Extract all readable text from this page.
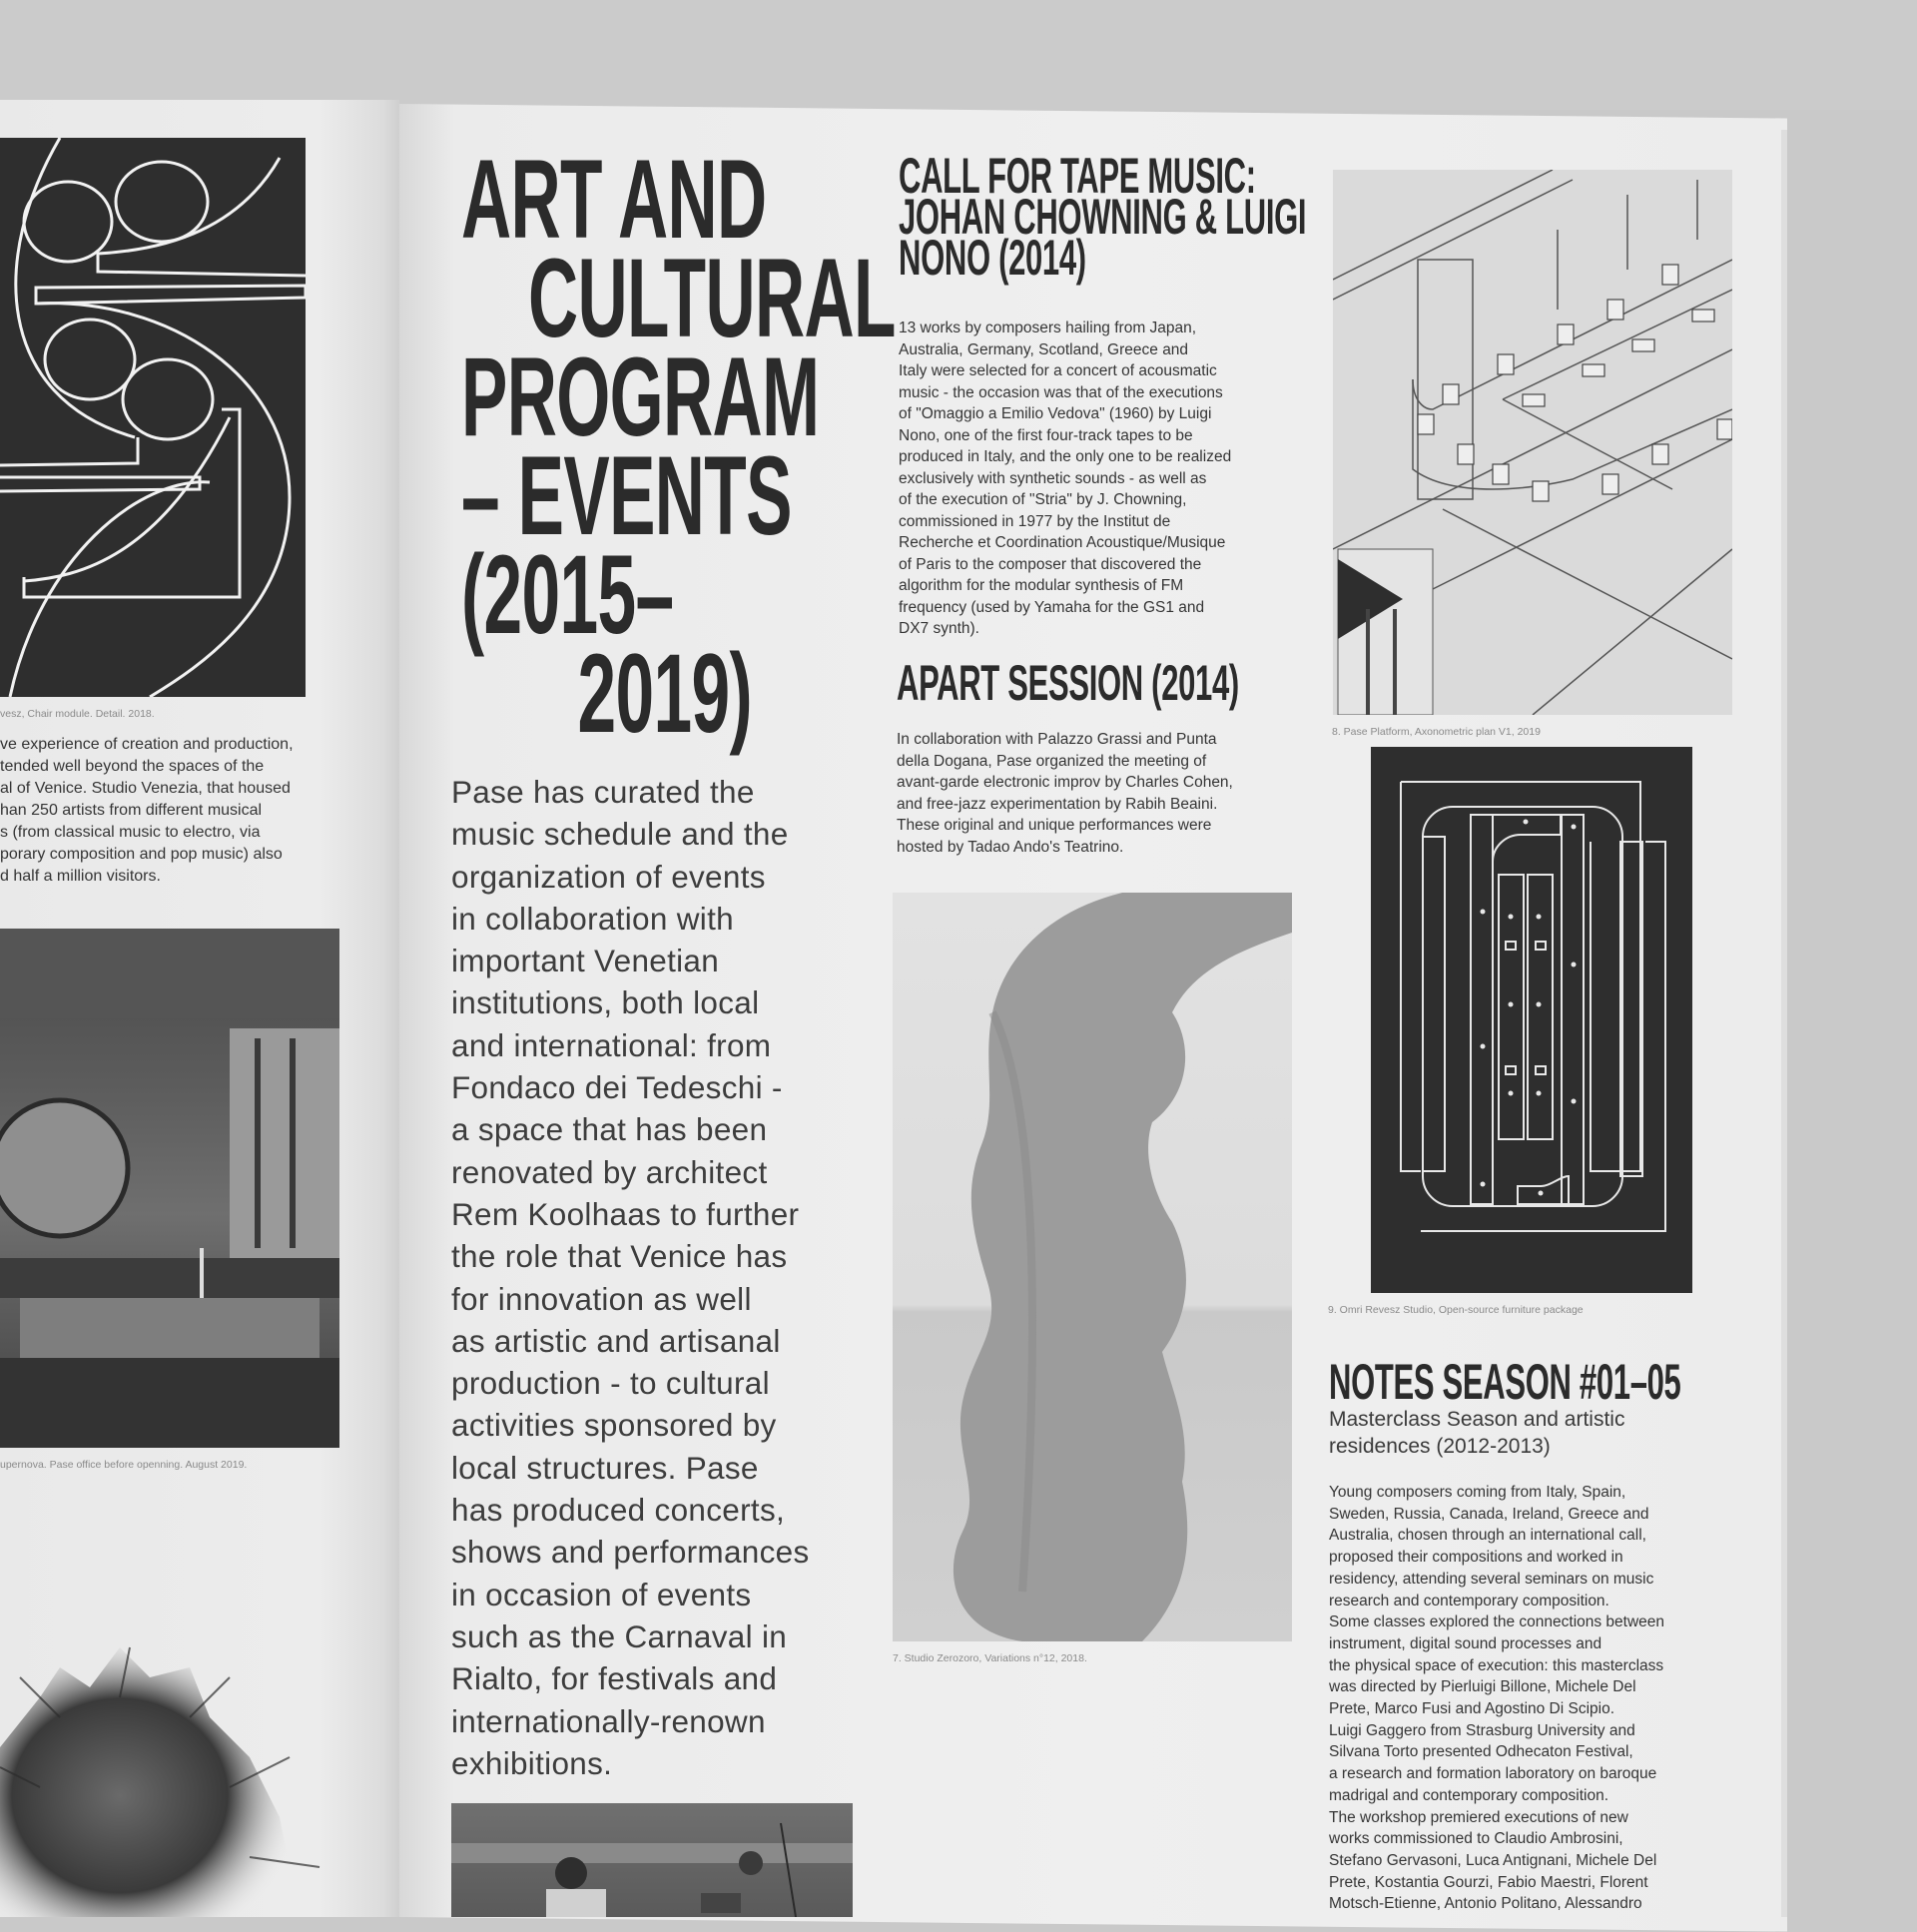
vesz, Chair module. Detail. 2018.
ve experience of creation and production,
tended well beyond the spaces of the
al of Venice. Studio Venezia, that housed
han 250 artists from different musical
s (from classical music to electro, via
porary composition and pop music) also
d half a million visitors.
upernova. Pase office before openning. August 2019.
ART AND
CULTURAL
PROGRAM
– EVENTS
(2015–
2019)
Pase has curated the
music schedule and the
organization of events
in collaboration with
important Venetian
institutions, both local
and international: from
Fondaco dei Tedeschi -
a space that has been
renovated by architect
Rem Koolhaas to further
the role that Venice has
for innovation as well
as artistic and artisanal
production - to cultural
activities sponsored by
local structures. Pase
has produced concerts,
shows and performances
in occasion of events
such as the Carnaval in
Rialto, for festivals and
internationally-renown
exhibitions.
CALL FOR TAPE MUSIC:
JOHAN CHOWNING & LUIGI
NONO (2014)
13 works by composers hailing from Japan,
Australia, Germany, Scotland, Greece and
Italy were selected for a concert of acousmatic
music - the occasion was that of the executions
of "Omaggio a Emilio Vedova" (1960) by Luigi
Nono, one of the first four-track tapes to be
produced in Italy, and the only one to be realized
exclusively with synthetic sounds - as well as
of the execution of "Stria" by J. Chowning,
commissioned in 1977 by the Institut de
Recherche et Coordination Acoustique/Musique
of Paris to the composer that discovered the
algorithm for the modular synthesis of FM
frequency (used by Yamaha for the GS1 and
DX7 synth).
APART SESSION (2014)
In collaboration with Palazzo Grassi and Punta
della Dogana, Pase organized the meeting of
avant-garde electronic improv by Charles Cohen,
and free-jazz experimentation by Rabih Beaini.
These original and unique performances were
hosted by Tadao Ando's Teatrino.
7. Studio Zerozoro, Variations n°12, 2018.
8. Pase Platform, Axonometric plan V1, 2019
9. Omri Revesz Studio, Open-source furniture package
NOTES SEASON #01–05
Masterclass Season and artistic
residences (2012-2013)
Young composers coming from Italy, Spain,
Sweden, Russia, Canada, Ireland, Greece and
Australia, chosen through an international call,
proposed their compositions and worked in
residency, attending several seminars on music
research and contemporary composition.
Some classes explored the connections between
instrument, digital sound processes and
the physical space of execution: this masterclass
was directed by Pierluigi Billone, Michele Del
Prete, Marco Fusi and Agostino Di Scipio.
Luigi Gaggero from Strasburg University and
Silvana Torto presented Odhecaton Festival,
a research and formation laboratory on baroque
madrigal and contemporary composition.
The workshop premiered executions of new
works commissioned to Claudio Ambrosini,
Stefano Gervasoni, Luca Antignani, Michele Del
Prete, Kostantia Gourzi, Fabio Maestri, Florent
Motsch-Etienne, Antonio Politano, Alessandro
